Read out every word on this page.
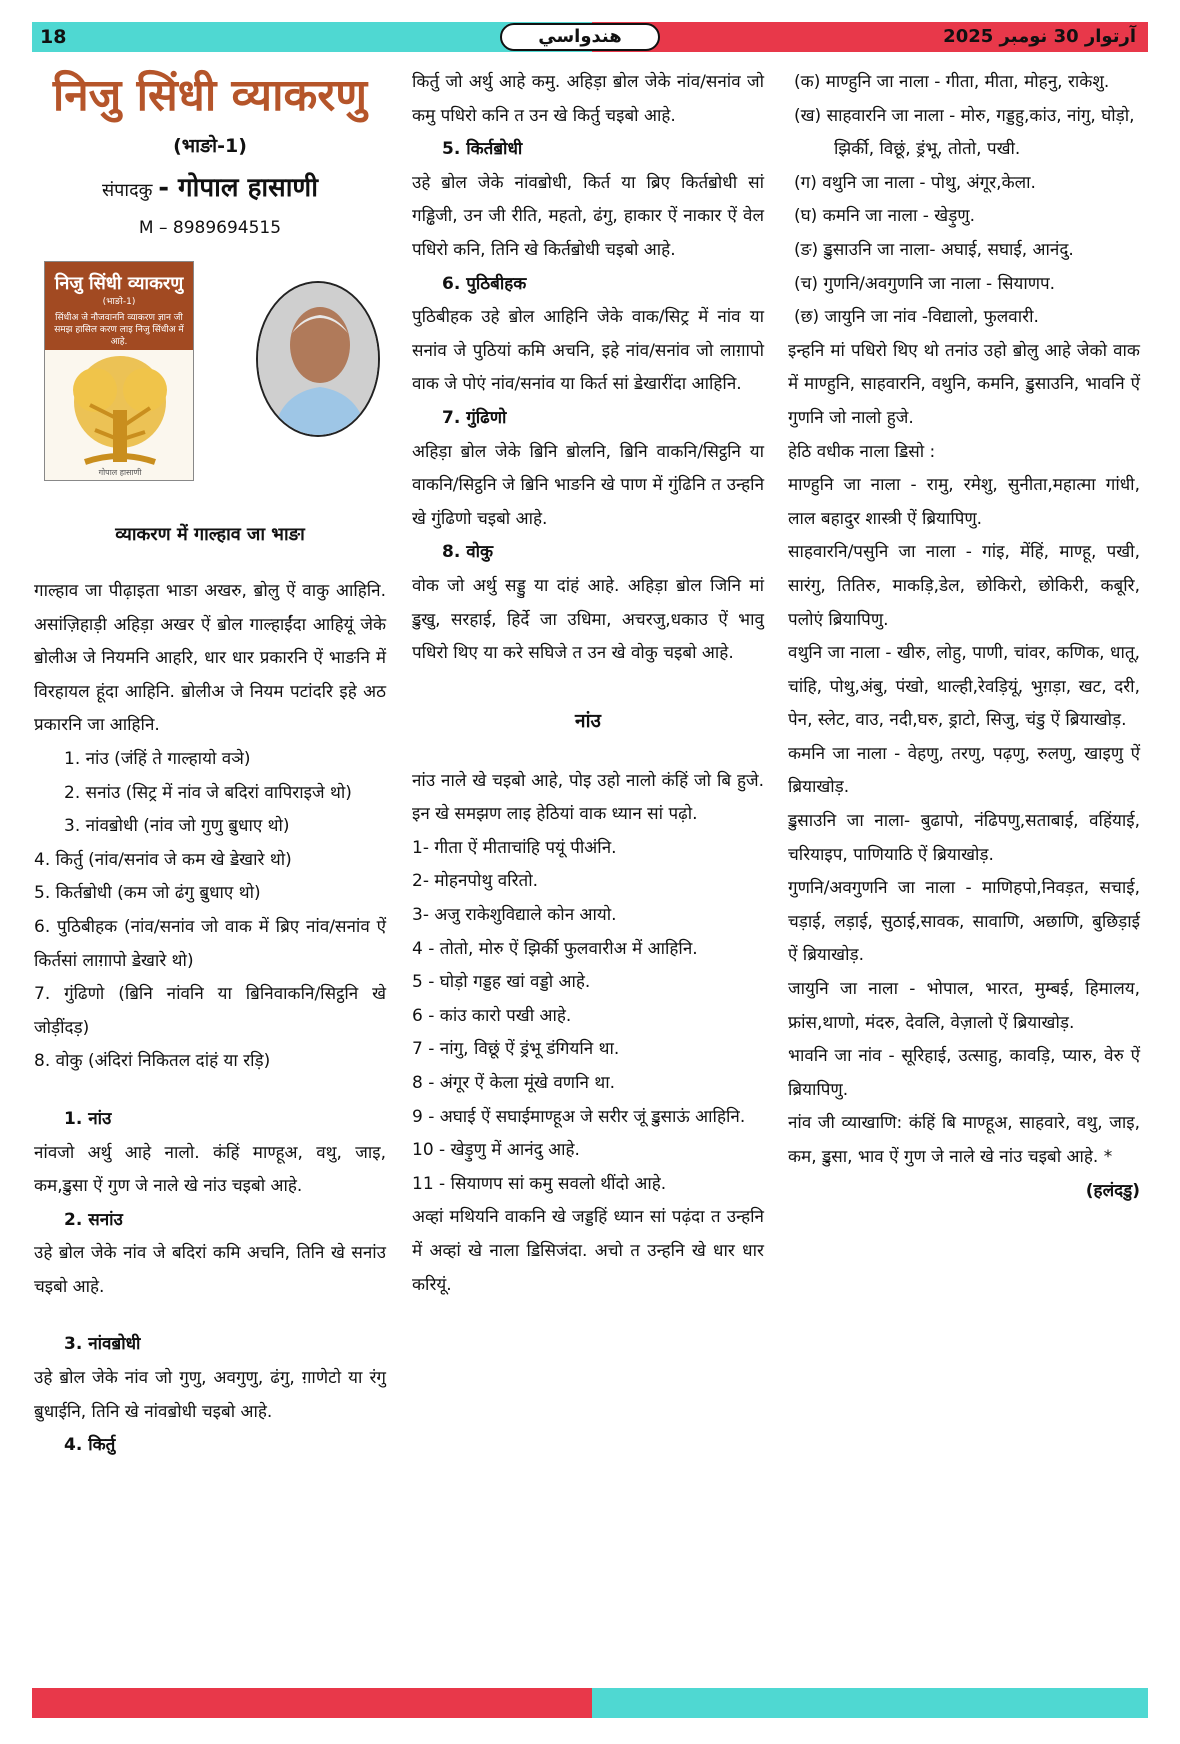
18	هندواسي	آرتوار 30 نومبر 2025
निजु सिंधी व्याकरणु
(भाङो-1)
संपादकु - गोपाल हासाणी
M – 8989694515
निजु सिंधी व्याकरणु
(भाङो-1)
सिंधीअ जे नौजवाननि व्याकरण ज्ञान जी समझ हासिल करण लाइ निजु सिंधीअ में आहे.
गोपाल हासाणी
व्याकरण में गाल्हाव जा भाङा
गाल्हाव जा पीढ़ाइता भाङा अखरु, ॿोलु ऐं वाकु आहिनि. असांज़िहाड़ी अहिड़ा अखर ऐं ॿोल गाल्हाईंदा आहियूं जेके ॿोलीअ जे नियमनि आहरि, धार धार प्रकारनि ऐं भाङनि में विरहायल हूंदा आहिनि. ॿोलीअ जे नियम पटांदरि इहे अठ प्रकारनि जा आहिनि.
1. नांउ (जंहिं ते गाल्हायो वञे)
2. सनांउ (सिट्र में नांव जे बदिरां वापिराइजे थो)
3. नांवॿोधी (नांव जो गुणु ॿुधाए थो)
4. किर्तु (नांव/सनांव जे कम खे ॾेखारे थो)
5. किर्तॿोधी (कम जो ढंगु ॿुधाए थो)
6. पुठिबीहक (नांव/सनांव जो वाक में ब्रिए नांव/सनांव ऐं किर्तसां लाग़ापो ॾेखारे थो)
7. गुंढिणो (ॿिनि नांवनि या ॿिनिवाकनि/सिट्ठनि खे जोड़ींदड़)
8. वोकु (अंदिरां निकितल दांहं या रड़ि)
1. नांउ
नांवजो अर्थु आहे नालो. कंहिं माण्हूअ, वथु, जाइ, कम,ॾुसा ऐं गुण जे नाले खे नांउ चइबो आहे.
2. सनांउ
उहे ॿोल जेके नांव जे बदिरां कमि अचनि, तिनि खे सनांउ चइबो आहे.
3. नांवॿोधी
उहे ॿोल जेके नांव जो गुणु, अवगुणु, ढंगु, ग़ाणेटो या रंगु ॿुधाईनि, तिनि खे नांवॿोधी चइबो आहे.
4. किर्तु
किर्तु जो अर्थु आहे कमु. अहिड़ा ॿोल जेके नांव/सनांव जो कमु पधिरो कनि त उन खे किर्तु चइबो आहे.
5. किर्तॿोधी
उहे ॿोल जेके नांवॿोधी, किर्त या ब्रिए किर्तॿोधी सां गड्ढिजी, उन जी रीति, महतो, ढंगु, हाकार ऐं नाकार ऐं वेल पधिरो कनि, तिनि खे किर्तॿोधी चइबो आहे.
6. पुठिबीहक
पुठिबीहक उहे ॿोल आहिनि जेके वाक/सिट्र में नांव या सनांव जे पुठियां कमि अचनि, इहे नांव/सनांव जो लाग़ापो वाक जे पोएं नांव/सनांव या किर्त सां ॾेखारींदा आहिनि.
7. गुंढिणो
अहिड़ा ॿोल जेके ॿिनि ॿोलनि, ॿिनि वाकनि/सिट्ठनि या वाकनि/सिट्ठनि जे ॿिनि भाङनि खे पाण में गुंढिनि त उन्हनि खे गुंढिणो चइबो आहे.
8. वोकु
वोक जो अर्थु सड्डु या दांहं आहे. अहिड़ा ॿोल जिनि मां ॾुखु, सरहाई, हिर्दे जा उधिमा, अचरजु,धकाउ ऐं भावु पधिरो थिए या करे सघिजे त उन खे वोकु चइबो आहे.
नांउ
नांउ नाले खे चइबो आहे, पोइ उहो नालो कंहिं जो बि हुजे. इन खे समझण लाइ हेठियां वाक ध्यान सां पढ़ो.
1- गीता ऐं मीताचांहि पयूं पीअंनि.
2- मोहनपोथु वरितो.
3- अजु राकेशुविद्याले कोन आयो.
4 - तोतो, मोरु ऐं झिर्की फुलवारीअ में आहिनि.
5 - घोड़ो गड्डह खां वड्डो आहे.
6 - कांउ कारो पखी आहे.
7 - नांगु, विछूं ऐं ड्रंभू डंगियनि था.
8 - अंगूर ऐं केला मूंखे वणनि था.
9 - अघाई ऐं सघाईमाण्हूअ जे सरीर जूं ॾुसाऊं आहिनि.
10 - खेड़ुणु में आनंदु आहे.
11 - सियाणप सां कमु सवलो थींदो आहे.
अव्हां मथियनि वाकनि खे जड्डहिं ध्यान सां पढ़ंदा त उन्हनि में अव्हां खे नाला ॾिसिजंदा. अचो त उन्हनि खे धार धार करियूं.
(क) माण्हुनि जा नाला - गीता, मीता, मोहनु, राकेशु.
(ख) साहवारनि जा नाला - मोरु, गड्डहु,कांउ, नांगु, घोड़ो, झिर्की, विछूं, ड्रंभू, तोतो, पखी.
(ग) वथुनि जा नाला - पोथु, अंगूर,केला.
(घ) कमनि जा नाला - खेड़ुणु.
(ङ) ॾुसाउनि जा नाला- अघाई, सघाई, आनंदु.
(च) गुणनि/अवगुणनि जा नाला - सियाणप.
(छ) जायुनि जा नांव -विद्यालो, फुलवारी.
इन्हनि मां पधिरो थिए थो तनांउ उहो ॿोलु आहे जेको वाक में माण्हुनि, साहवारनि, वथुनि, कमनि, ॾुसाउनि, भावनि ऐं गुणनि जो नालो हुजे.
हेठि वधीक नाला ॾिसो :
माण्हुनि जा नाला - रामु, रमेशु, सुनीता,महात्मा गांधी, लाल बहादुर शास्त्री ऐं ब्रियापिणु.
साहवारनि/पसुनि जा नाला - गांइ, मेंहिं, माण्हू, पखी, सारंगु, तितिरु, माकड़ि,डेल, छोकिरो, छोकिरी, कबूरि, पलोएं ब्रियापिणु.
वथुनि जा नाला - खीरु, लोहु, पाणी, चांवर, कणिक, धातू, चांहि, पोथु,अंबु, पंखो, थाल्ही,रेवड़ियूं, भुग़ड़ा, खट, दरी, पेन, स्लेट, वाउ, नदी,घरु, ड्राटो, सिजु, चंडु ऐं ब्रियाखोड़.
कमनि जा नाला - वेहणु, तरणु, पढ़णु, रुलणु, खाइणु ऐं ब्रियाखोड़.
ॾुसाउनि जा नाला- बुढापो, नंढिपणु,सताबाई, वहिंयाई, चरियाइप, पाणियाठि ऐं ब्रियाखोड़.
गुणनि/अवगुणनि जा नाला - माणिहपो,निवड़त, सचाई, चड़ाई, लड़ाई, सुठाई,सावक, सावाणि, अछाणि, बुछिड़ाई ऐं ब्रियाखोड़.
जायुनि जा नाला - भोपाल, भारत, मुम्बई, हिमालय, फ्रांस,थाणो, मंदरु, देवलि, वेज़ालो ऐं ब्रियाखोड़.
भावनि जा नांव - सूरिहाई, उत्साहु, कावड़ि, प्यारु, वेरु ऐं ब्रियापिणु.
नांव जी व्याखाणि: कंहिं बि माण्हूअ, साहवारे, वथु, जाइ, कम, ॾुसा, भाव ऐं गुण जे नाले खे नांउ चइबो आहे. *
(हलंदडु)
